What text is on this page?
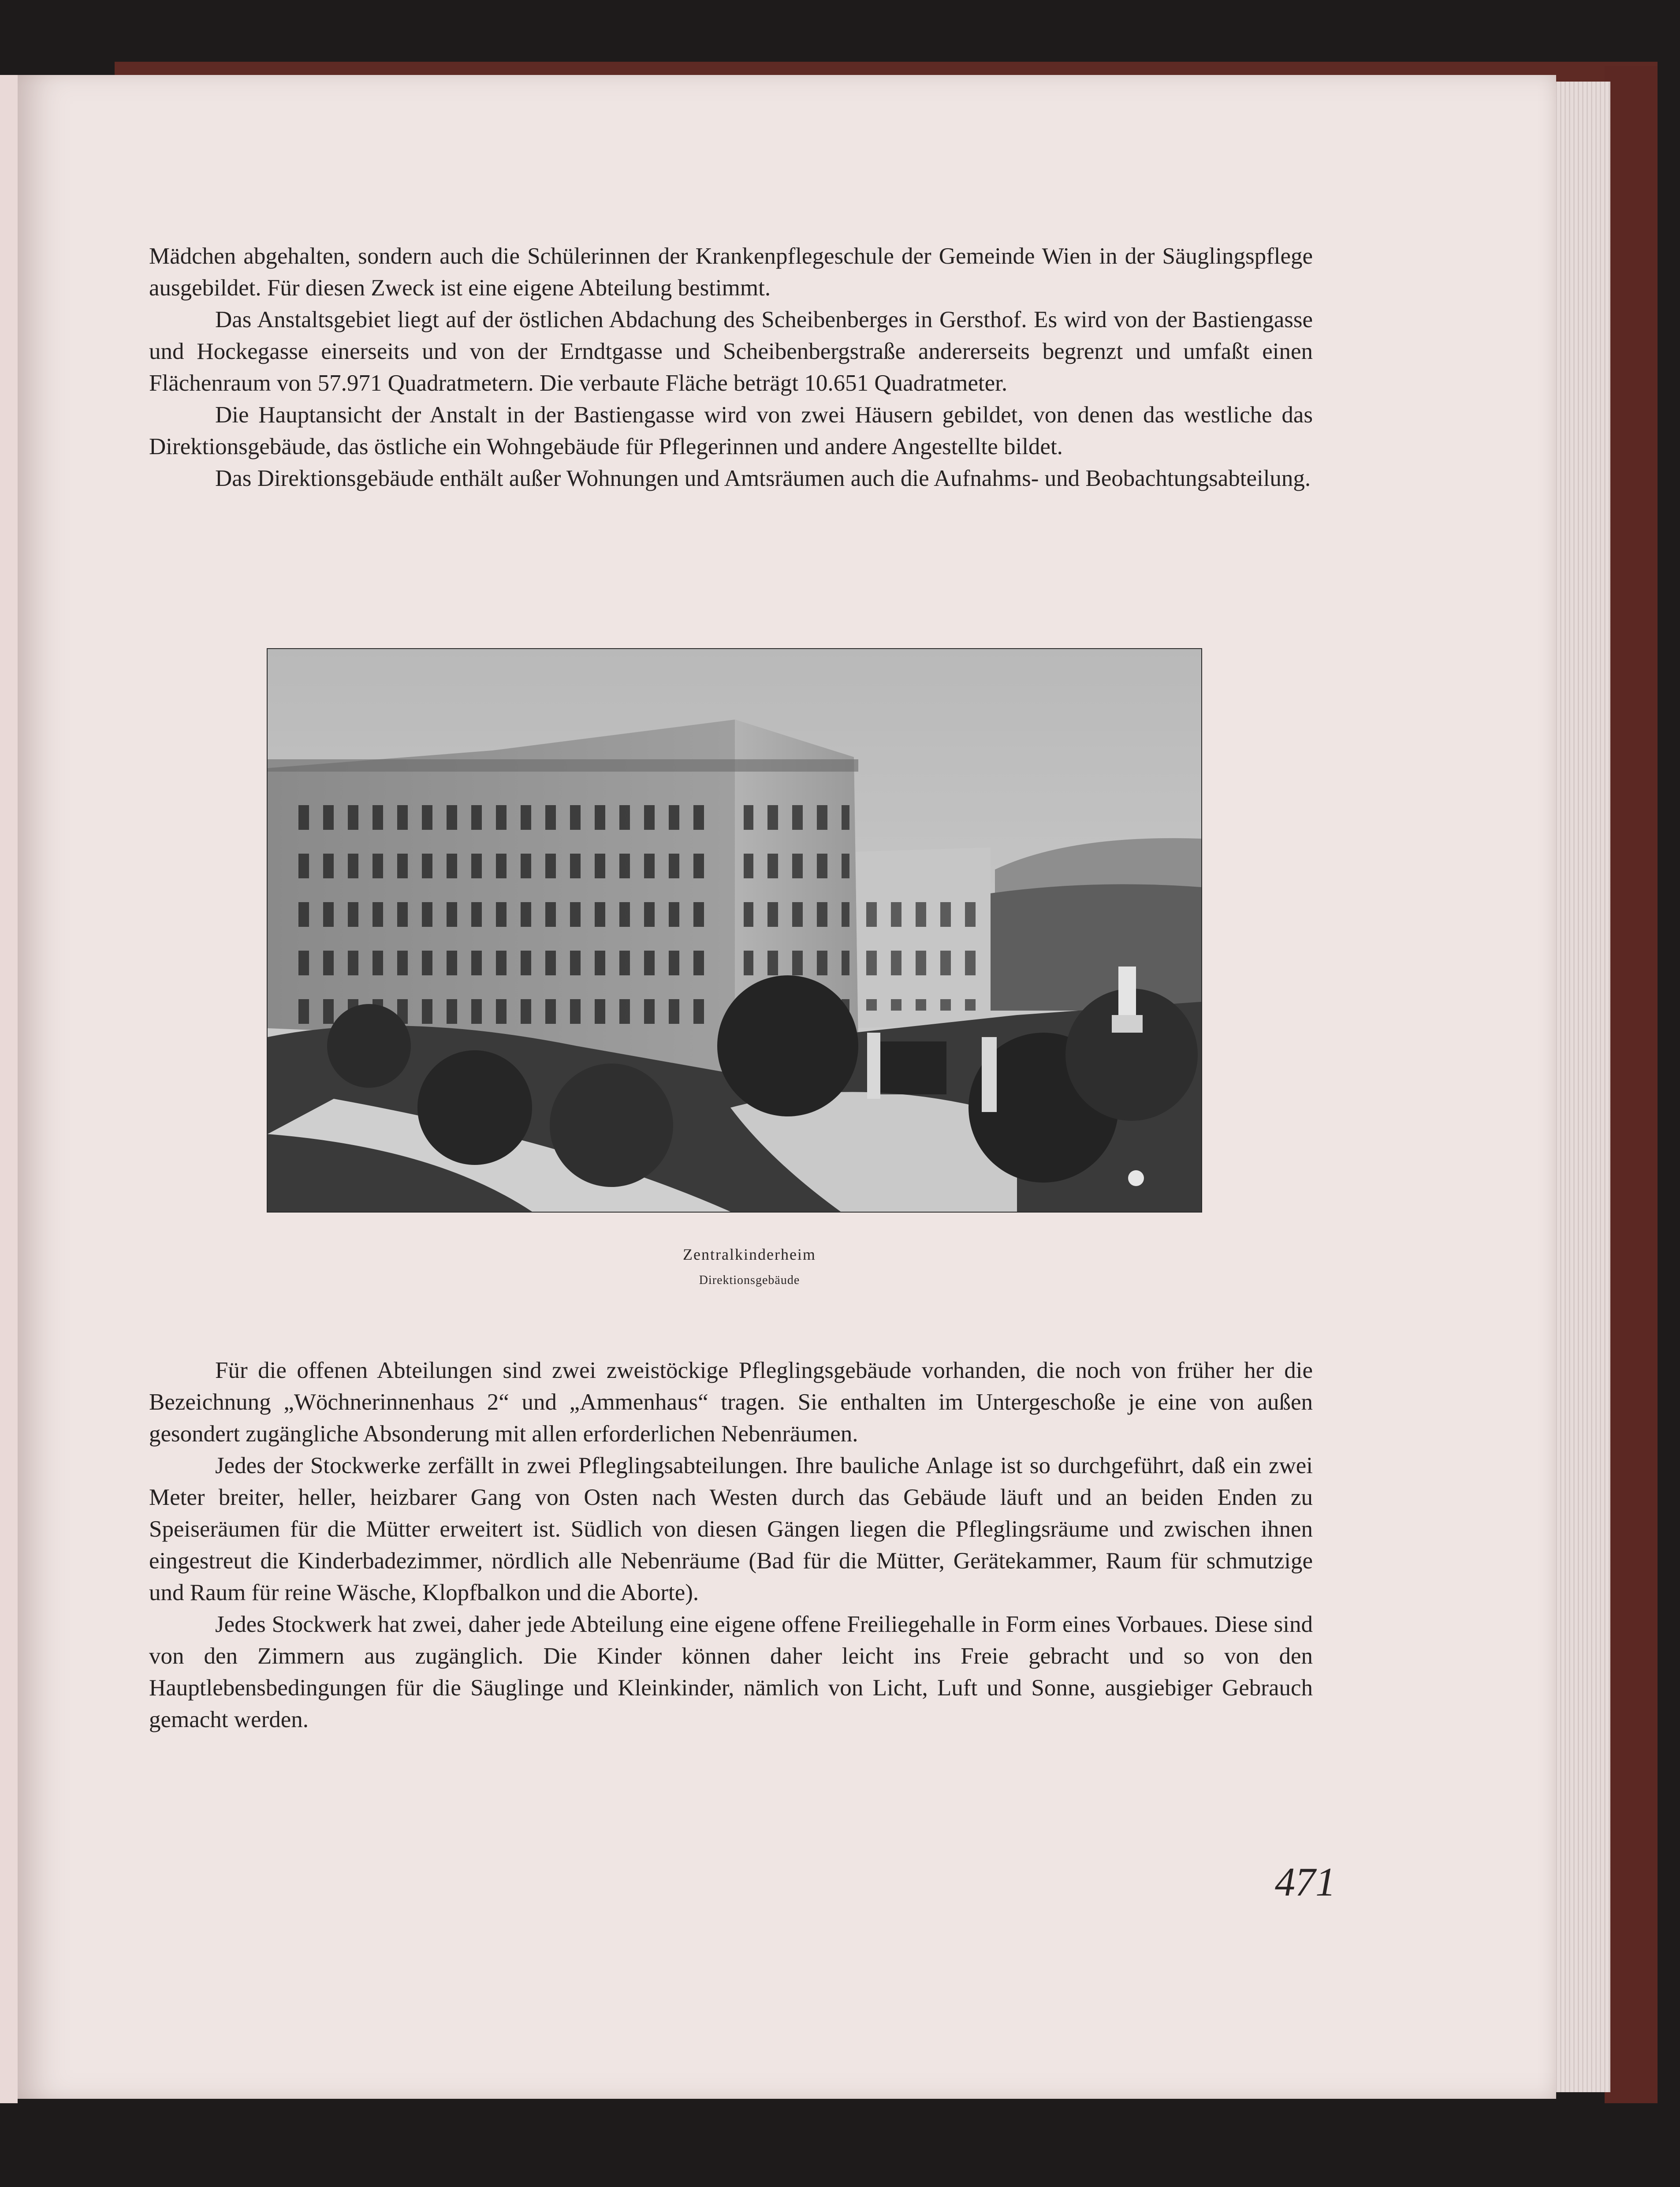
Mädchen abgehalten, sondern auch die Schülerinnen der Krankenpflegeschule der Gemeinde Wien in der Säuglingspflege ausgebildet. Für diesen Zweck ist eine eigene Abteilung bestimmt.

Das Anstaltsgebiet liegt auf der östlichen Abdachung des Scheibenberges in Gersthof. Es wird von der Bastiengasse und Hockegasse einerseits und von der Erndtgasse und Scheibenbergstraße andererseits begrenzt und umfaßt einen Flächenraum von 57.971 Quadratmetern. Die verbaute Fläche beträgt 10.651 Quadratmeter.

Die Hauptansicht der Anstalt in der Bastiengasse wird von zwei Häusern gebildet, von denen das westliche das Direktionsgebäude, das östliche ein Wohngebäude für Pflegerinnen und andere Angestellte bildet.

Das Direktionsgebäude enthält außer Wohnungen und Amtsräumen auch die Aufnahms- und Beobachtungsabteilung.

Zentralkinderheim
Direktionsgebäude

Für die offenen Abteilungen sind zwei zweistöckige Pfleglingsgebäude vorhanden, die noch von früher her die Bezeichnung „Wöchnerinnenhaus 2“ und „Ammenhaus“ tragen. Sie enthalten im Untergeschoße je eine von außen gesondert zugängliche Absonderung mit allen erforderlichen Nebenräumen.

Jedes der Stockwerke zerfällt in zwei Pfleglingsabteilungen. Ihre bauliche Anlage ist so durchgeführt, daß ein zwei Meter breiter, heller, heizbarer Gang von Osten nach Westen durch das Gebäude läuft und an beiden Enden zu Speiseräumen für die Mütter erweitert ist. Südlich von diesen Gängen liegen die Pfleglingsräume und zwischen ihnen eingestreut die Kinderbadezimmer, nördlich alle Nebenräume (Bad für die Mütter, Gerätekammer, Raum für schmutzige und Raum für reine Wäsche, Klopfbalkon und die Aborte).

Jedes Stockwerk hat zwei, daher jede Abteilung eine eigene offene Freiliegehalle in Form eines Vorbaues. Diese sind von den Zimmern aus zugänglich. Die Kinder können daher leicht ins Freie gebracht und so von den Hauptlebensbedingungen für die Säuglinge und Kleinkinder, nämlich von Licht, Luft und Sonne, ausgiebiger Gebrauch gemacht werden.

471
